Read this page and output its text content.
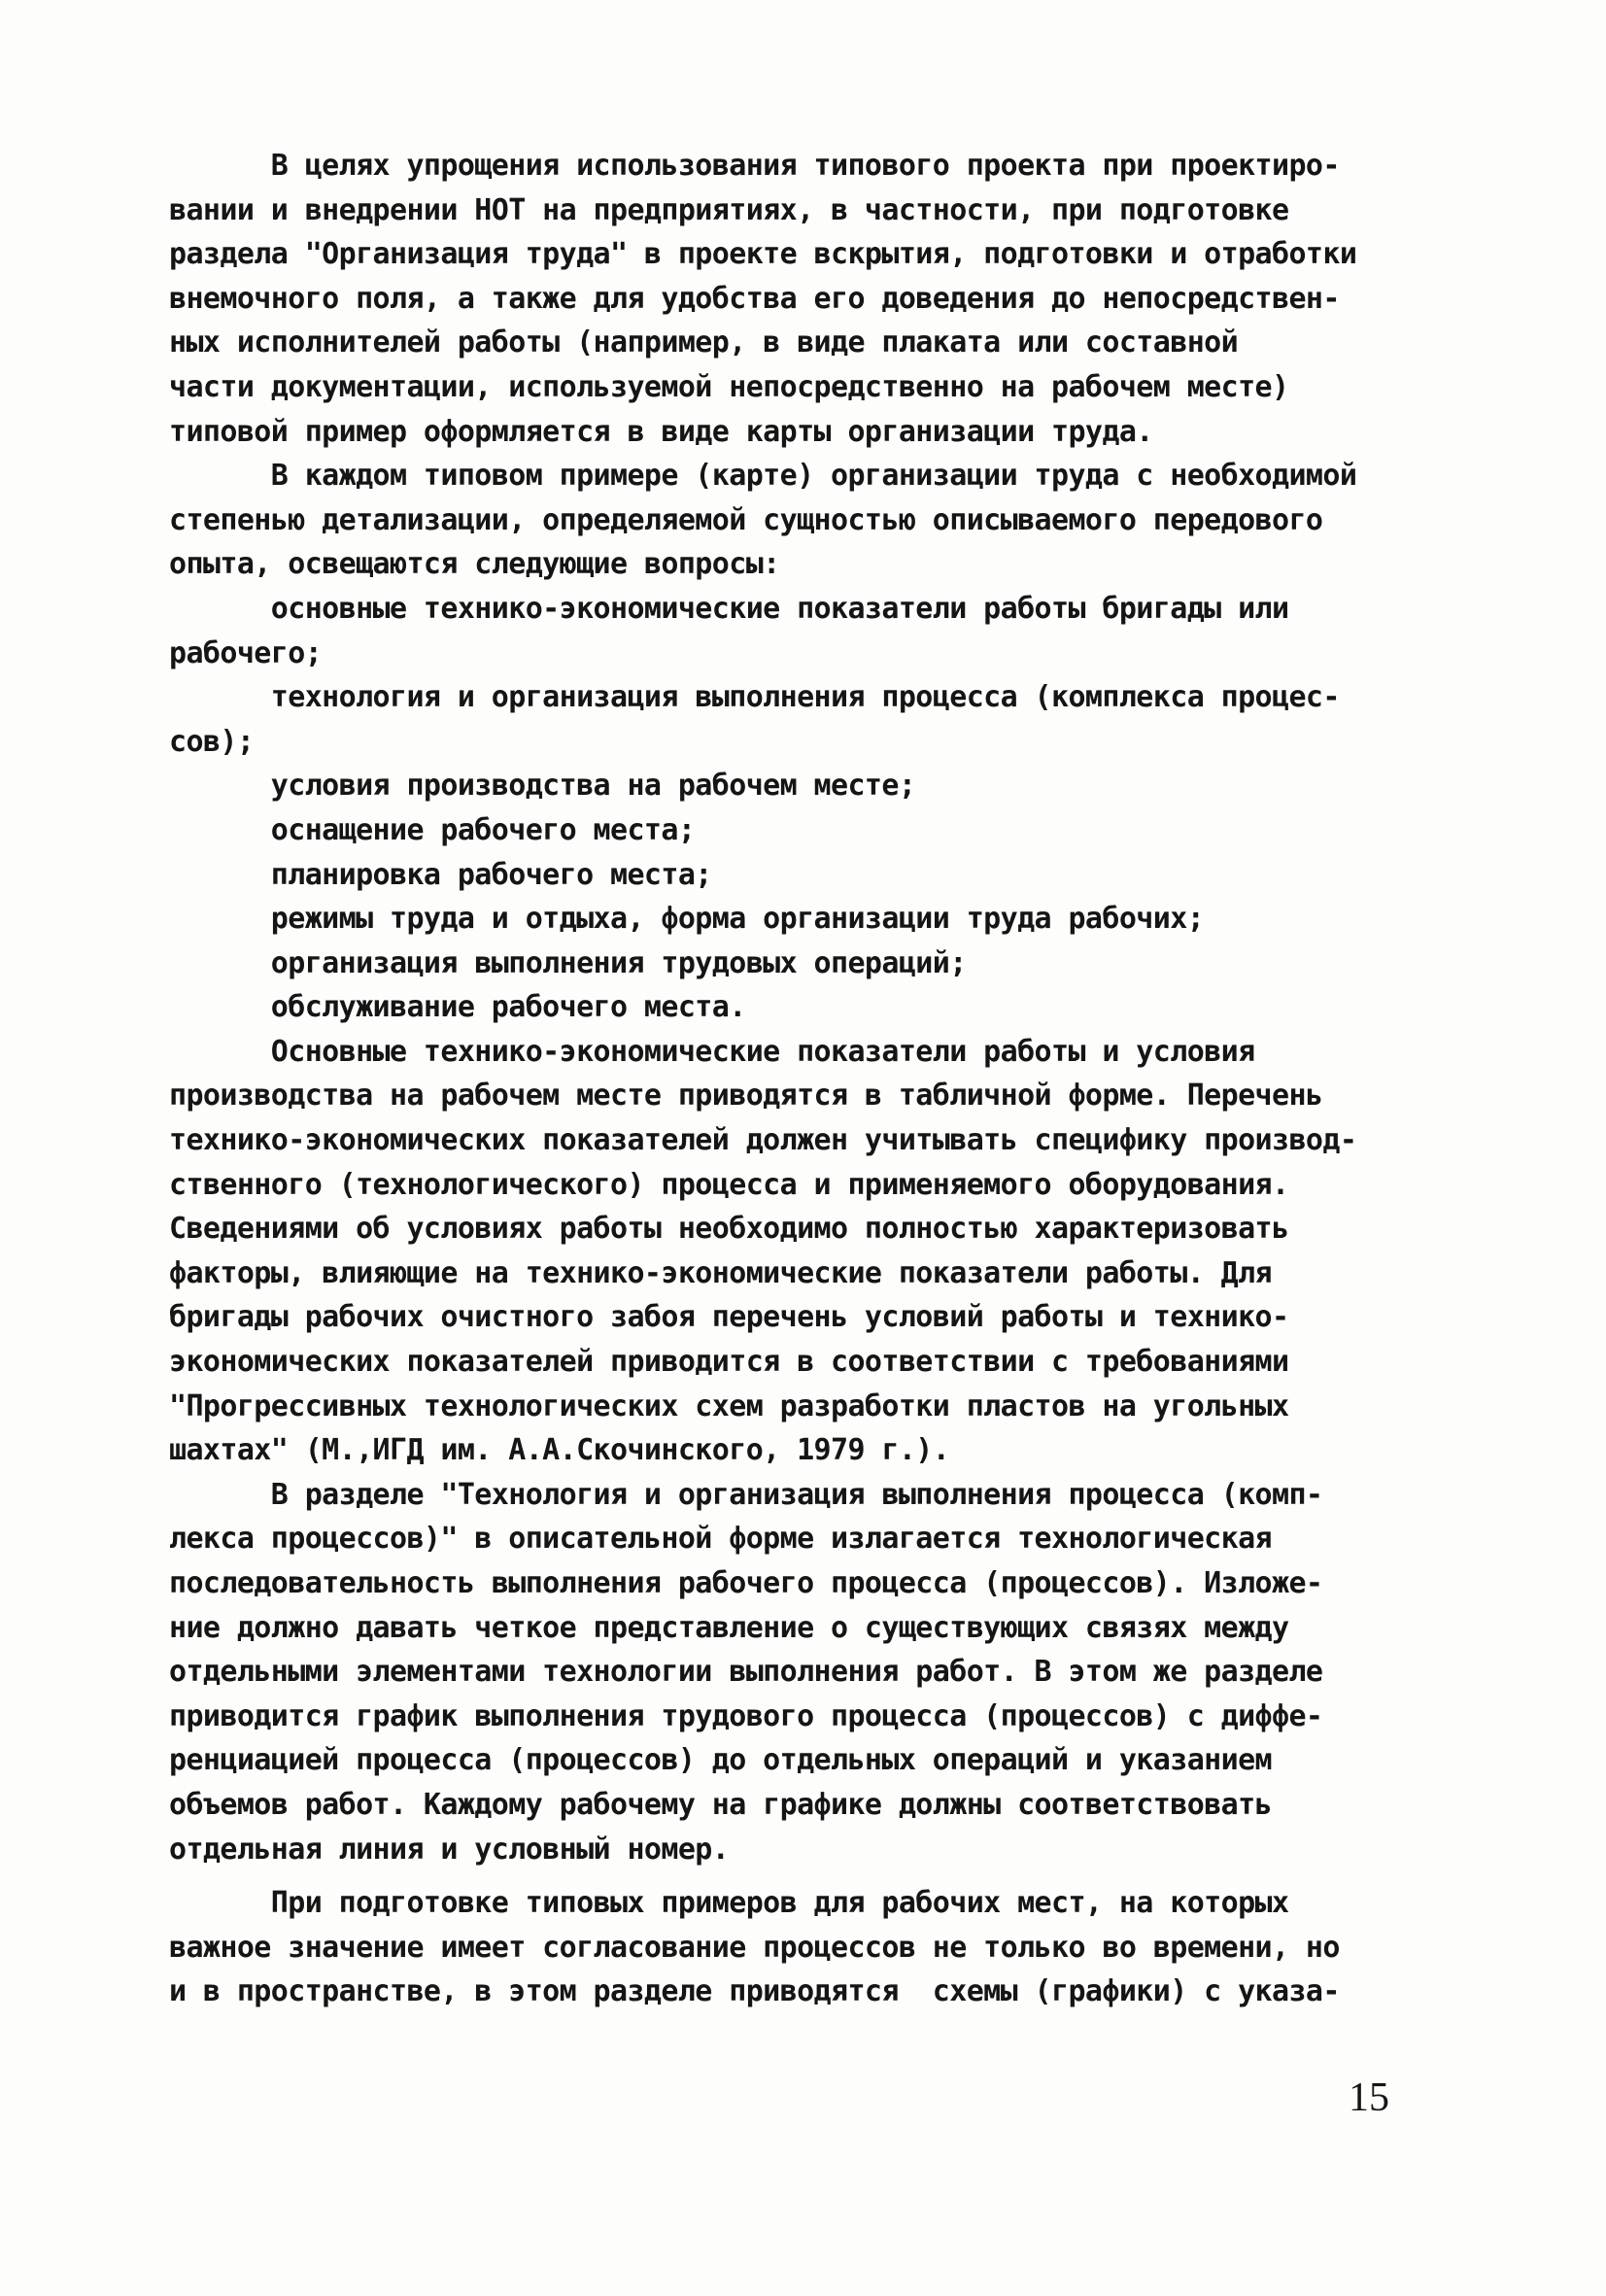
В целях упрощения использования типового проекта при проектиро-
вании и внедрении НОТ на предприятиях, в частности, при подготовке
раздела "Организация труда" в проекте вскрытия, подготовки и отработки
внемочного поля, а также для удобства его доведения до непосредствен-
ных исполнителей работы (например, в виде плаката или составной
части документации, используемой непосредственно на рабочем месте)
типовой пример оформляется в виде карты организации труда.
В каждом типовом примере (карте) организации труда с необходимой
степенью детализации, определяемой сущностью описываемого передового
опыта, освещаются следующие вопросы:
основные технико-экономические показатели работы бригады или
рабочего;
технология и организация выполнения процесса (комплекса процес-
сов);
условия производства на рабочем месте;
оснащение рабочего места;
планировка рабочего места;
режимы труда и отдыха, форма организации труда рабочих;
организация выполнения трудовых операций;
обслуживание рабочего места.
Основные технико-экономические показатели работы и условия
производства на рабочем месте приводятся в табличной форме. Перечень
технико-экономических показателей должен учитывать специфику производ-
ственного (технологического) процесса и применяемого оборудования.
Сведениями об условиях работы необходимо полностью характеризовать
факторы, влияющие на технико-экономические показатели работы. Для
бригады рабочих очистного забоя перечень условий работы и технико-
экономических показателей приводится в соответствии с требованиями
"Прогрессивных технологических схем разработки пластов на угольных
шахтах" (М.,ИГД им. А.А.Скочинского, 1979 г.).
В разделе "Технология и организация выполнения процесса (комп-
лекса процессов)" в описательной форме излагается технологическая
последовательность выполнения рабочего процесса (процессов). Изложе-
ние должно давать четкое представление о существующих связях между
отдельными элементами технологии выполнения работ. В этом же разделе
приводится график выполнения трудового процесса (процессов) с диффе-
ренциацией процесса (процессов) до отдельных операций и указанием
объемов работ. Каждому рабочему на графике должны соответствовать
отдельная линия и условный номер.
При подготовке типовых примеров для рабочих мест, на которых
важное значение имеет согласование процессов не только во времени, но
и в пространстве, в этом разделе приводятся  схемы (графики) с указа-
15
